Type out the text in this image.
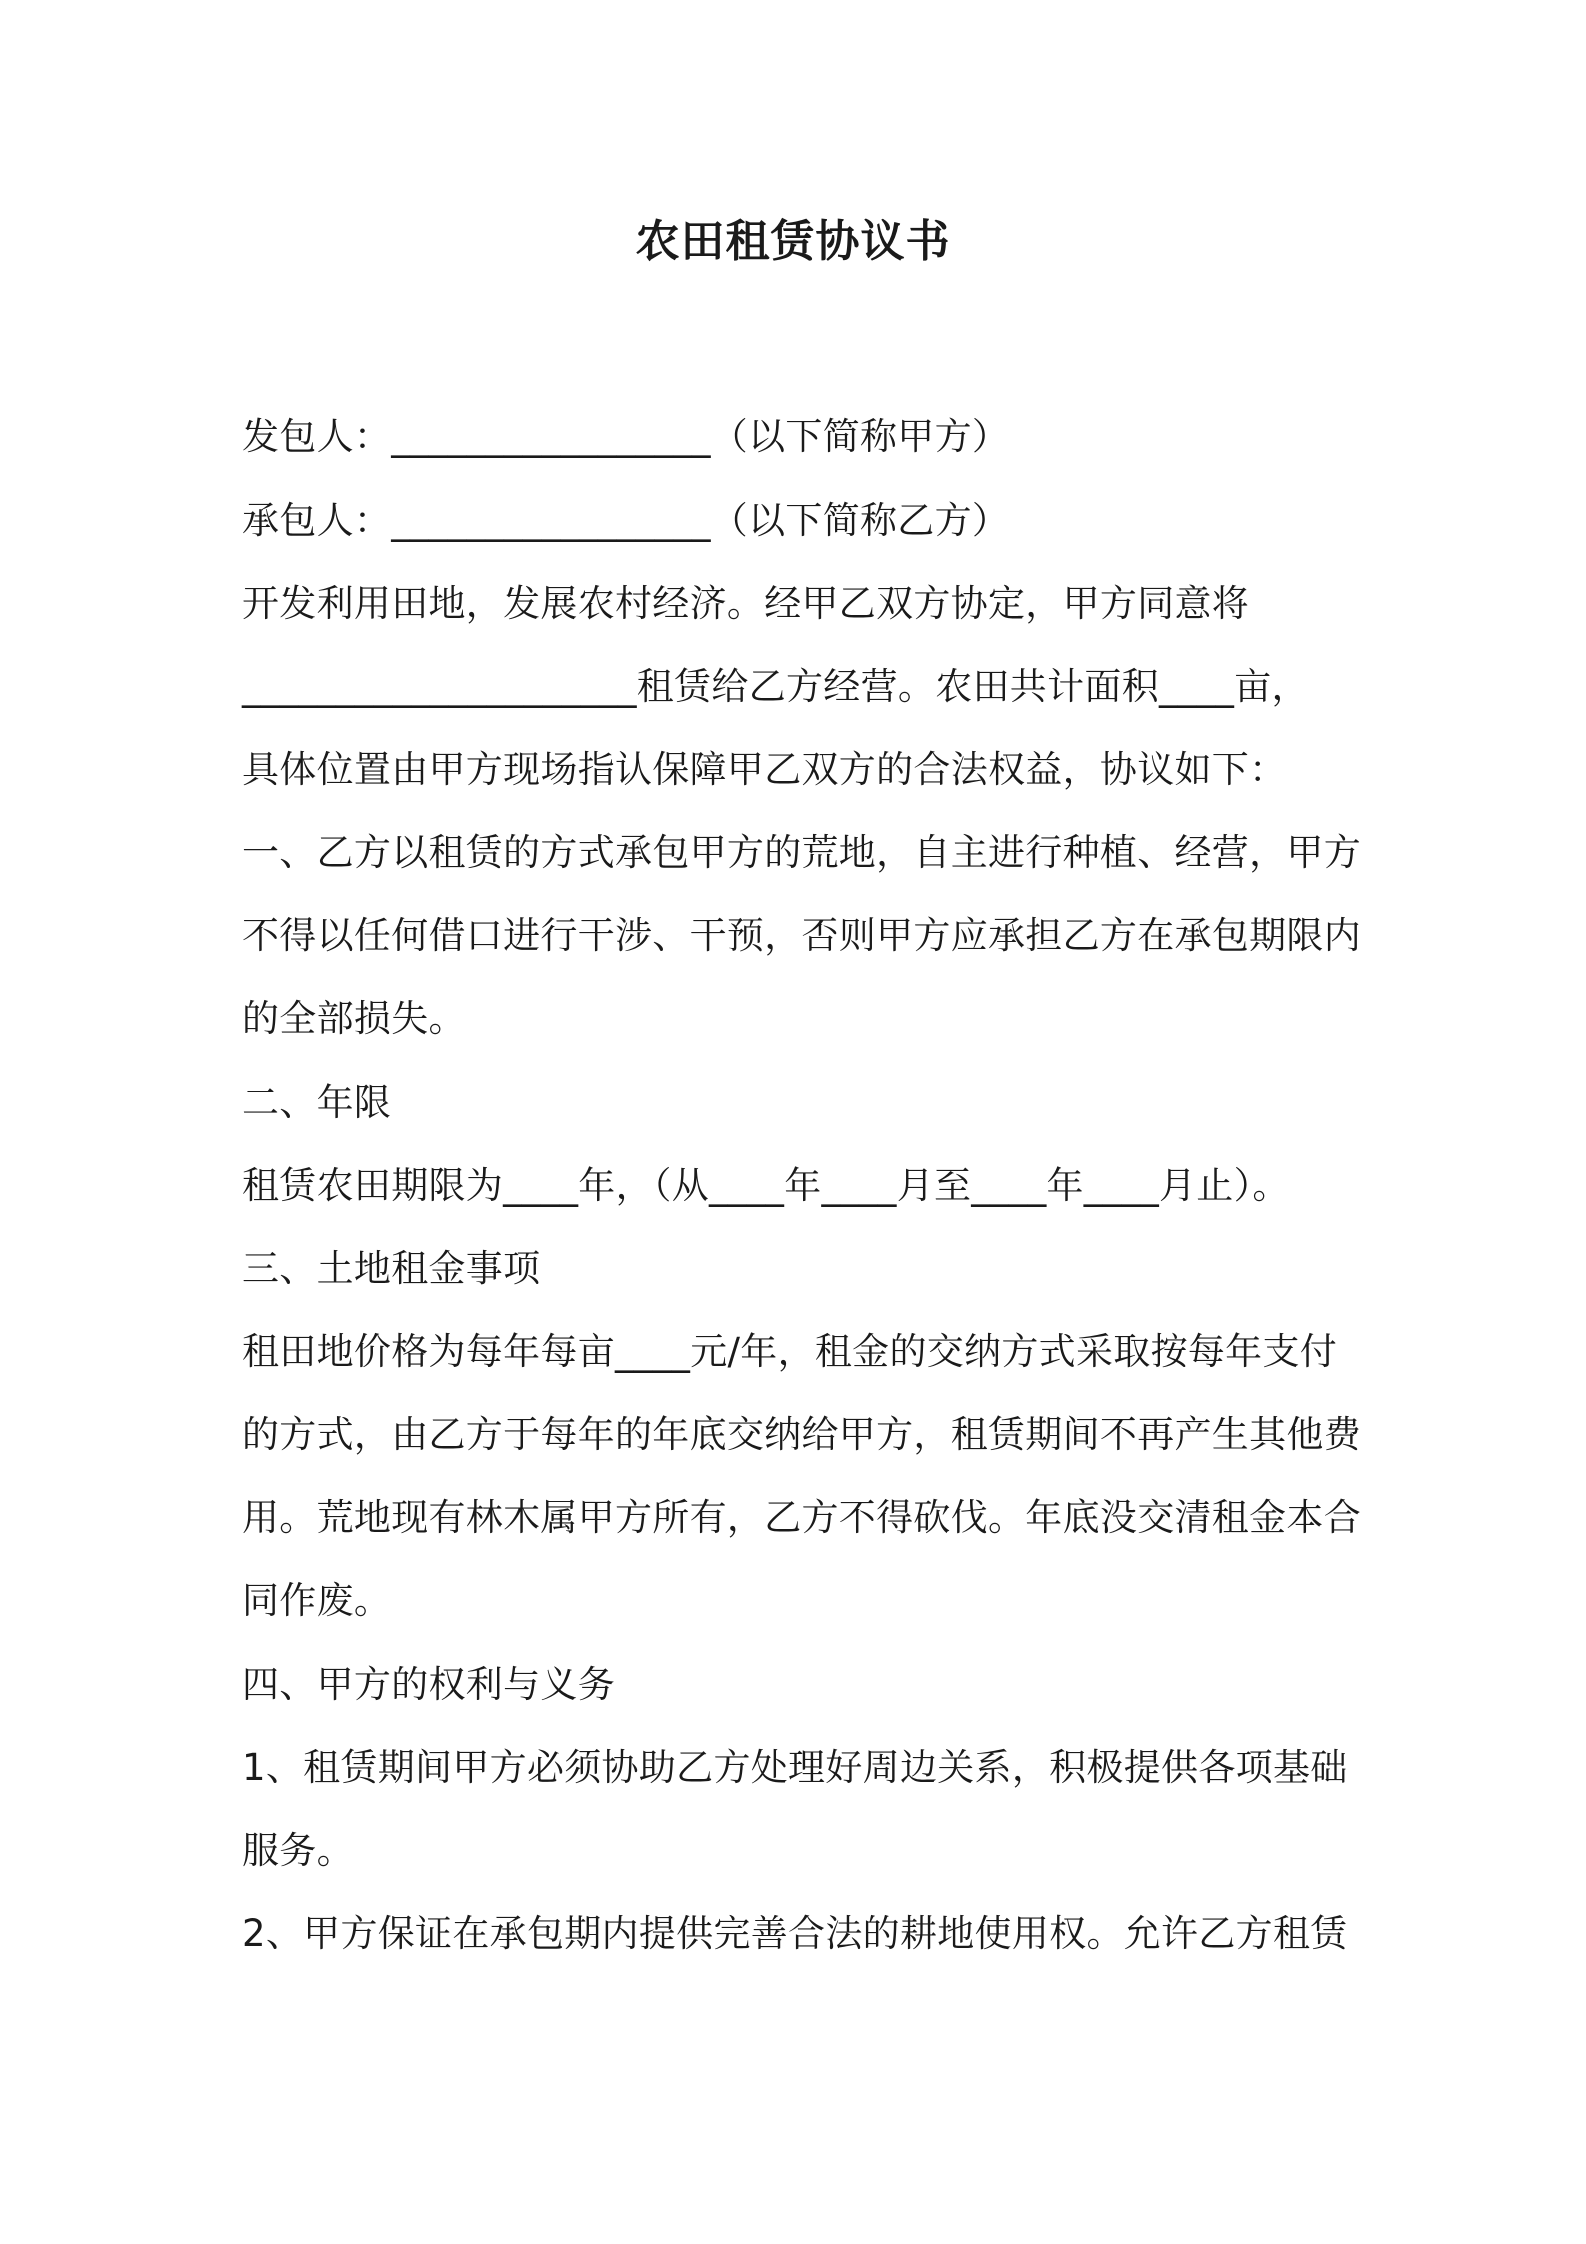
农田租赁协议书
发包人：_________________（以下简称甲方）
承包人：_________________（以下简称乙方）
开发利用田地，发展农村经济。经甲乙双方协定，甲方同意将
_____________________租赁给乙方经营。农田共计面积____亩，
具体位置由甲方现场指认保障甲乙双方的合法权益，协议如下：
一、乙方以租赁的方式承包甲方的荒地，自主进行种植、经营，甲方
不得以任何借口进行干涉、干预，否则甲方应承担乙方在承包期限内
的全部损失。
二、年限
租赁农田期限为____年，（从____年____月至____年____月止）。
三、土地租金事项
租田地价格为每年每亩____元/年，租金的交纳方式采取按每年支付
的方式，由乙方于每年的年底交纳给甲方，租赁期间不再产生其他费
用。荒地现有林木属甲方所有，乙方不得砍伐。年底没交清租金本合
同作废。
四、甲方的权利与义务
1、租赁期间甲方必须协助乙方处理好周边关系，积极提供各项基础
服务。
2、甲方保证在承包期内提供完善合法的耕地使用权。允许乙方租赁
